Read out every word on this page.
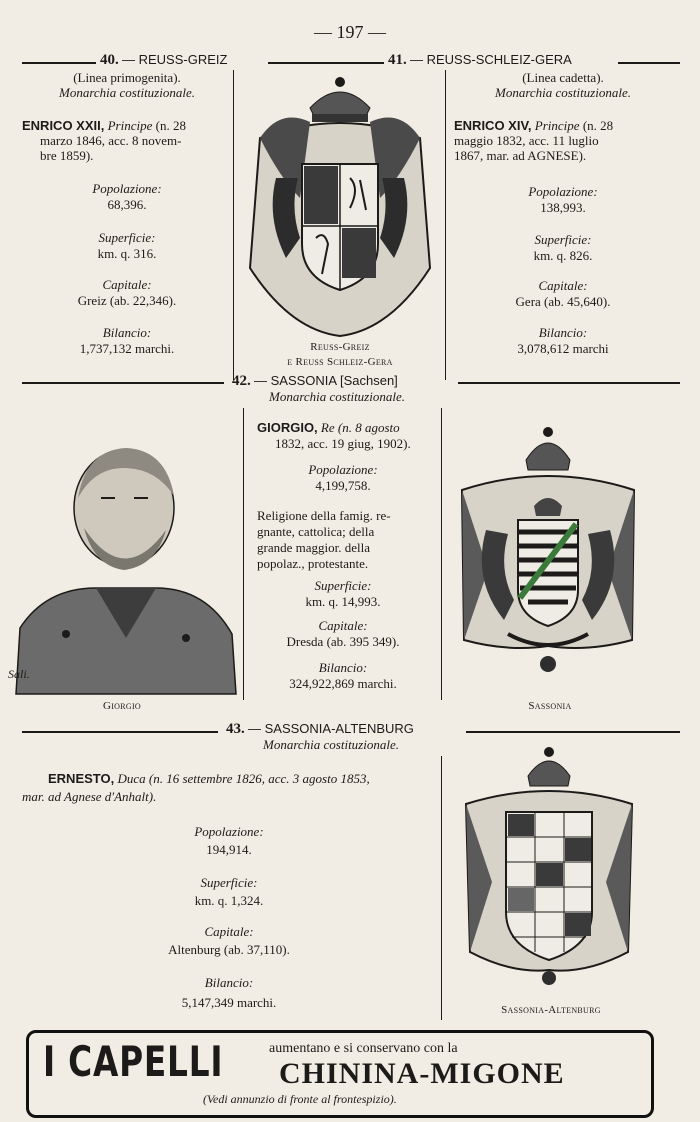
— 197 —
40. — REUSS-GREIZ	41. — REUSS-SCHLEIZ-GERA
(Linea primogenita).
Monarchia costituzionale.
ENRICO XXII, Principe (n. 28
marzo 1846, acc. 8 novem-
bre 1859).
Popolazione:
68,396.
Superficie:
km. q. 316.
Capitale:
Greiz (ab. 22,346).
Bilancio:
1,737,132 marchi.	Reuss-Greiz
e Reuss Schleiz-Gera
(Linea cadetta).
Monarchia costituzionale.
ENRICO XIV, Principe (n. 28
maggio 1832, acc. 11 luglio
1867, mar. ad AGNESE).
Popolazione:
138,993.
Superficie:
km. q. 826.
Capitale:
Gera (ab. 45,640).
Bilancio:
3,078,612 marchi
42. — SASSONIA [Sachsen]
Monarchia costituzionale.
Sali.
Giorgio
GIORGIO, Re (n. 8 agosto
1832, acc. 19 giug, 1902).
Popolazione:
4,199,758.
Religione della famig. re-
gnante, cattolica; della
grande maggior. della
popolaz., protestante.
Superficie:
km. q. 14,993.
Capitale:
Dresda (ab. 395 349).
Bilancio:
324,922,869 marchi.
Sassonia
43. — SASSONIA-ALTENBURG
Monarchia costituzionale.
ERNESTO, Duca (n. 16 settembre 1826, acc. 3 agosto 1853,
mar. ad Agnese d'Anhalt).
Popolazione:
194,914.
Superficie:
km. q. 1,324.
Capitale:
Altenburg (ab. 37,110).
Bilancio:
5,147,349 marchi.	Sassonia-Altenburg
I CAPELLI	aumentano e si conservano con la
CHININA-MIGONE
(Vedi annunzio di fronte al frontespizio).
